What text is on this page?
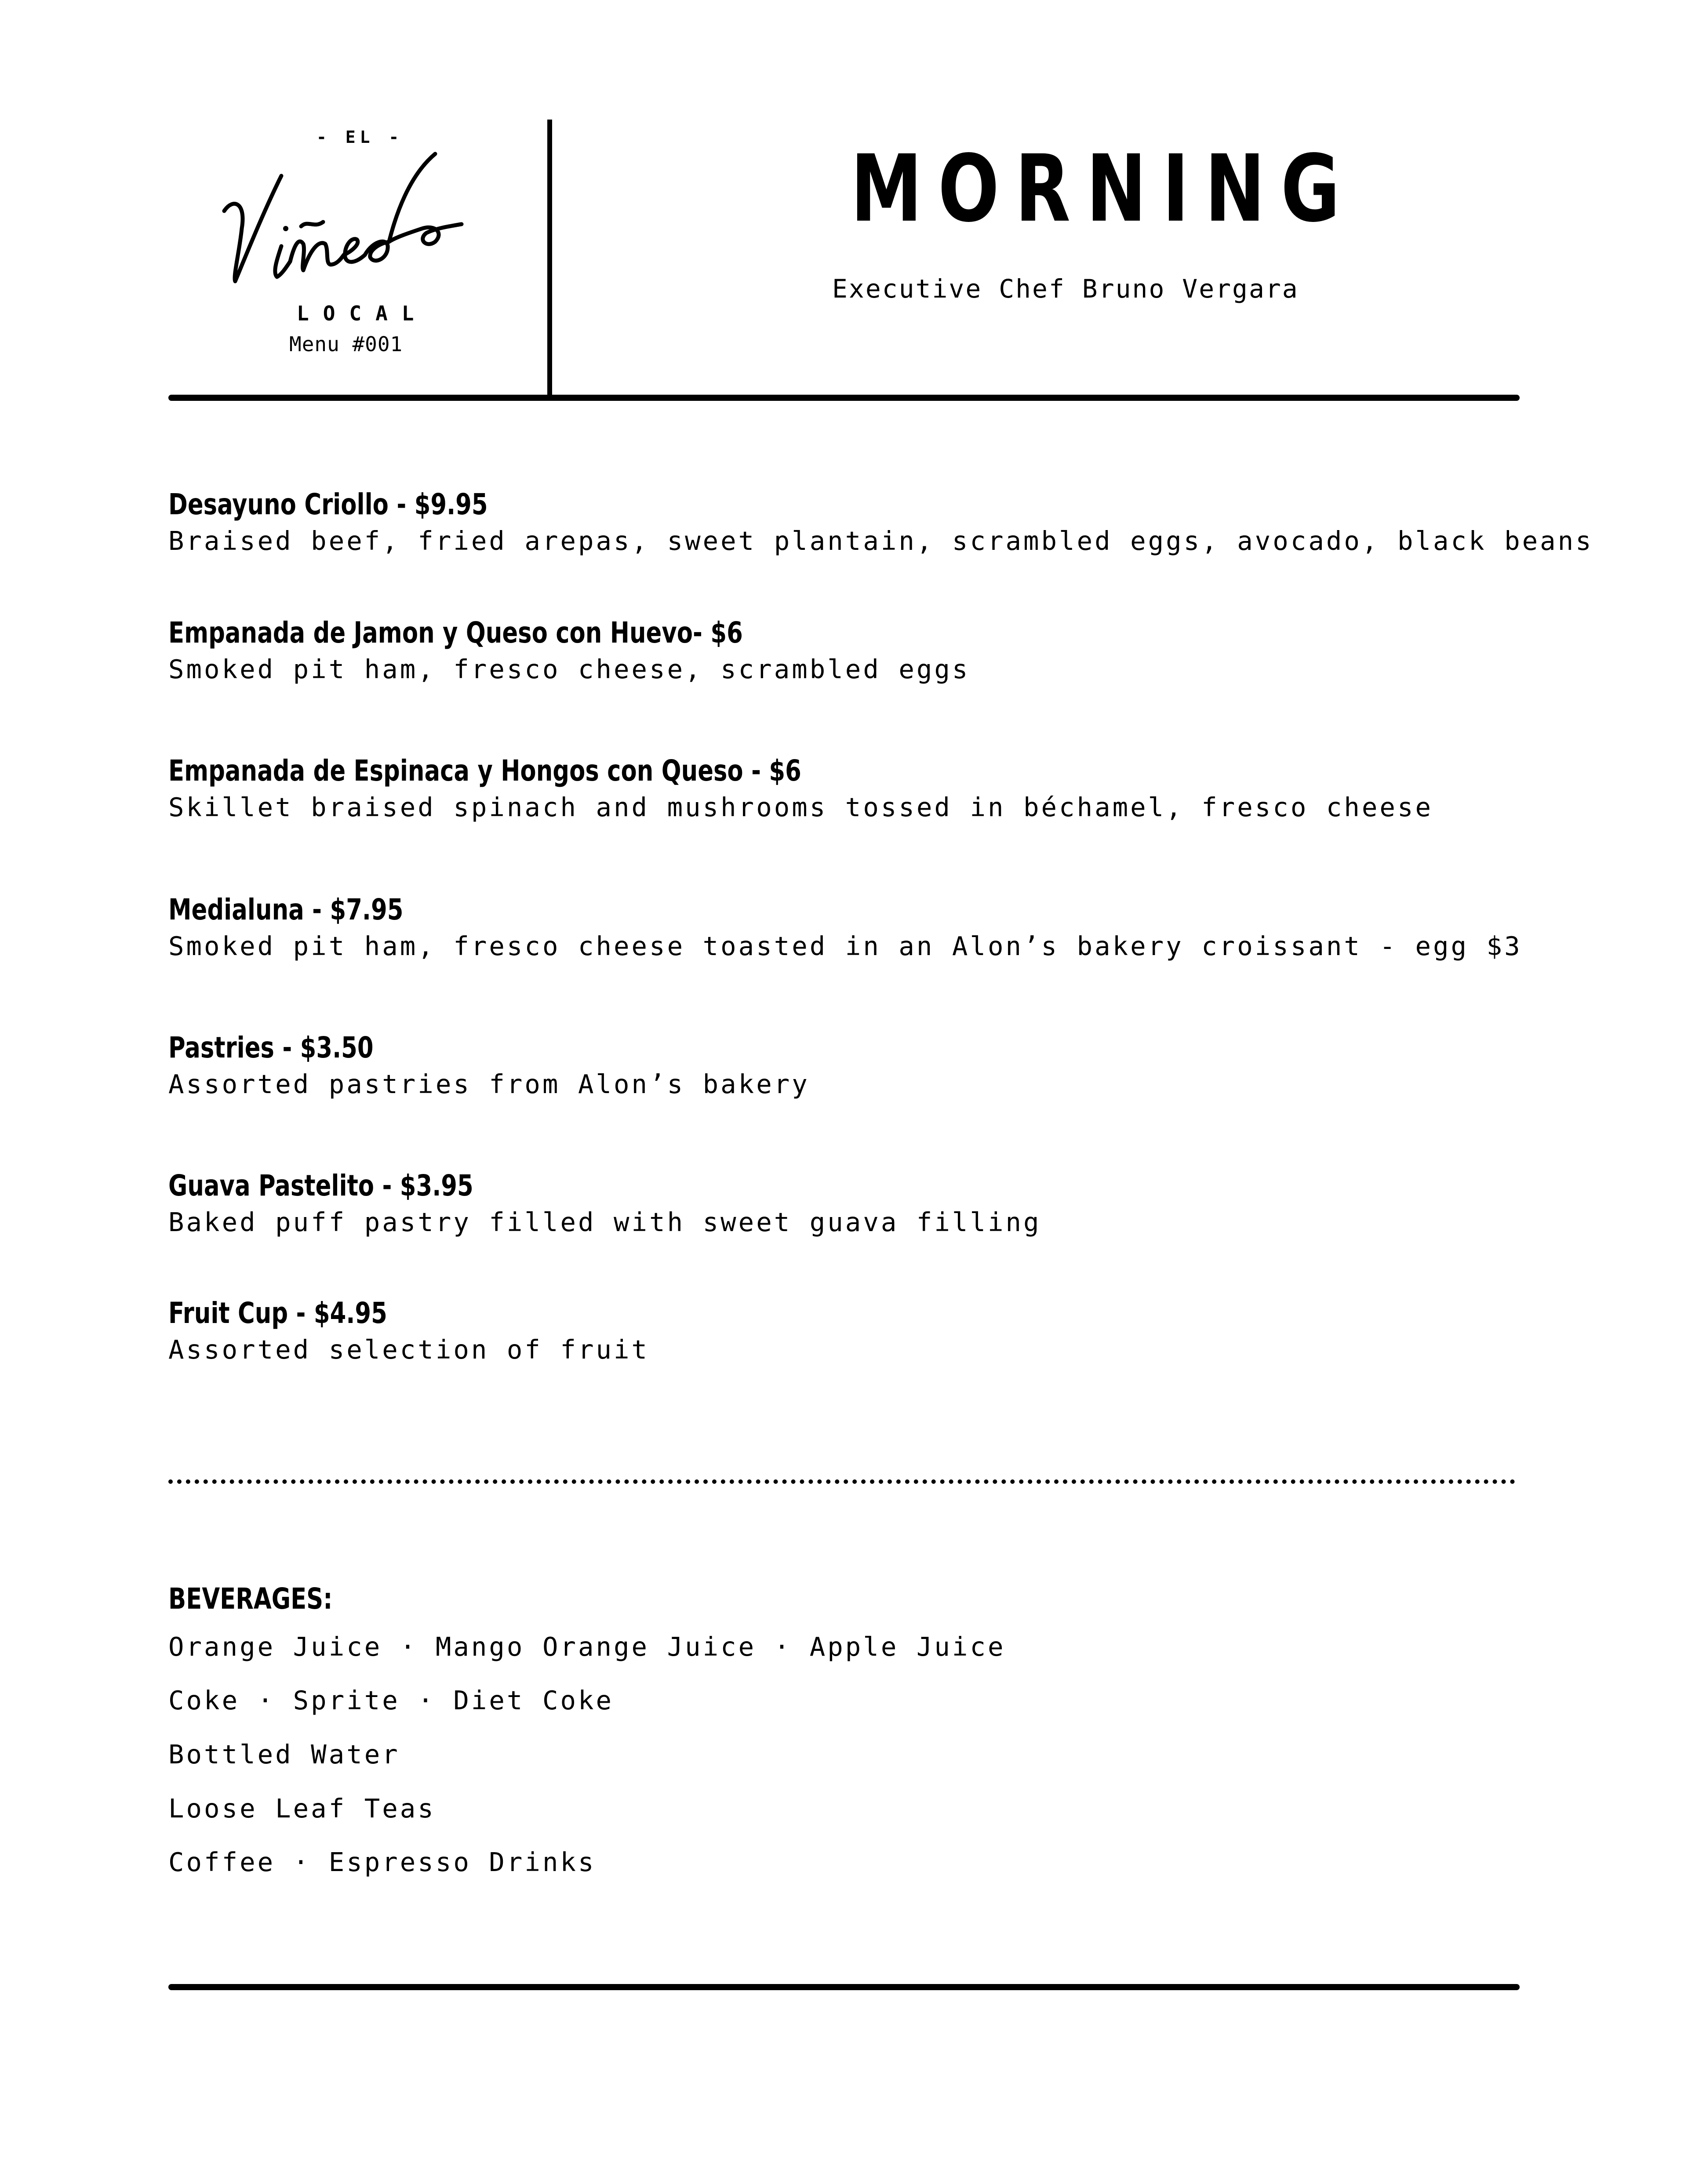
- EL -
LOCAL
Menu #001
MORNING
Executive Chef Bruno Vergara
Desayuno Criollo - $9.95
Braised beef, fried arepas, sweet plantain, scrambled eggs, avocado, black beans
Empanada de Jamon y Queso con Huevo- $6
Smoked pit ham, fresco cheese, scrambled eggs
Empanada de Espinaca y Hongos con Queso - $6
Skillet braised spinach and mushrooms tossed in béchamel, fresco cheese
Medialuna - $7.95
Smoked pit ham, fresco cheese toasted in an Alon’s bakery croissant - egg $3
Pastries - $3.50
Assorted pastries from Alon’s bakery
Guava Pastelito - $3.95
Baked puff pastry filled with sweet guava filling
Fruit Cup - $4.95
Assorted selection of fruit
BEVERAGES:
Orange Juice · Mango Orange Juice · Apple Juice
Coke · Sprite · Diet Coke
Bottled Water
Loose Leaf Teas
Coffee · Espresso Drinks
